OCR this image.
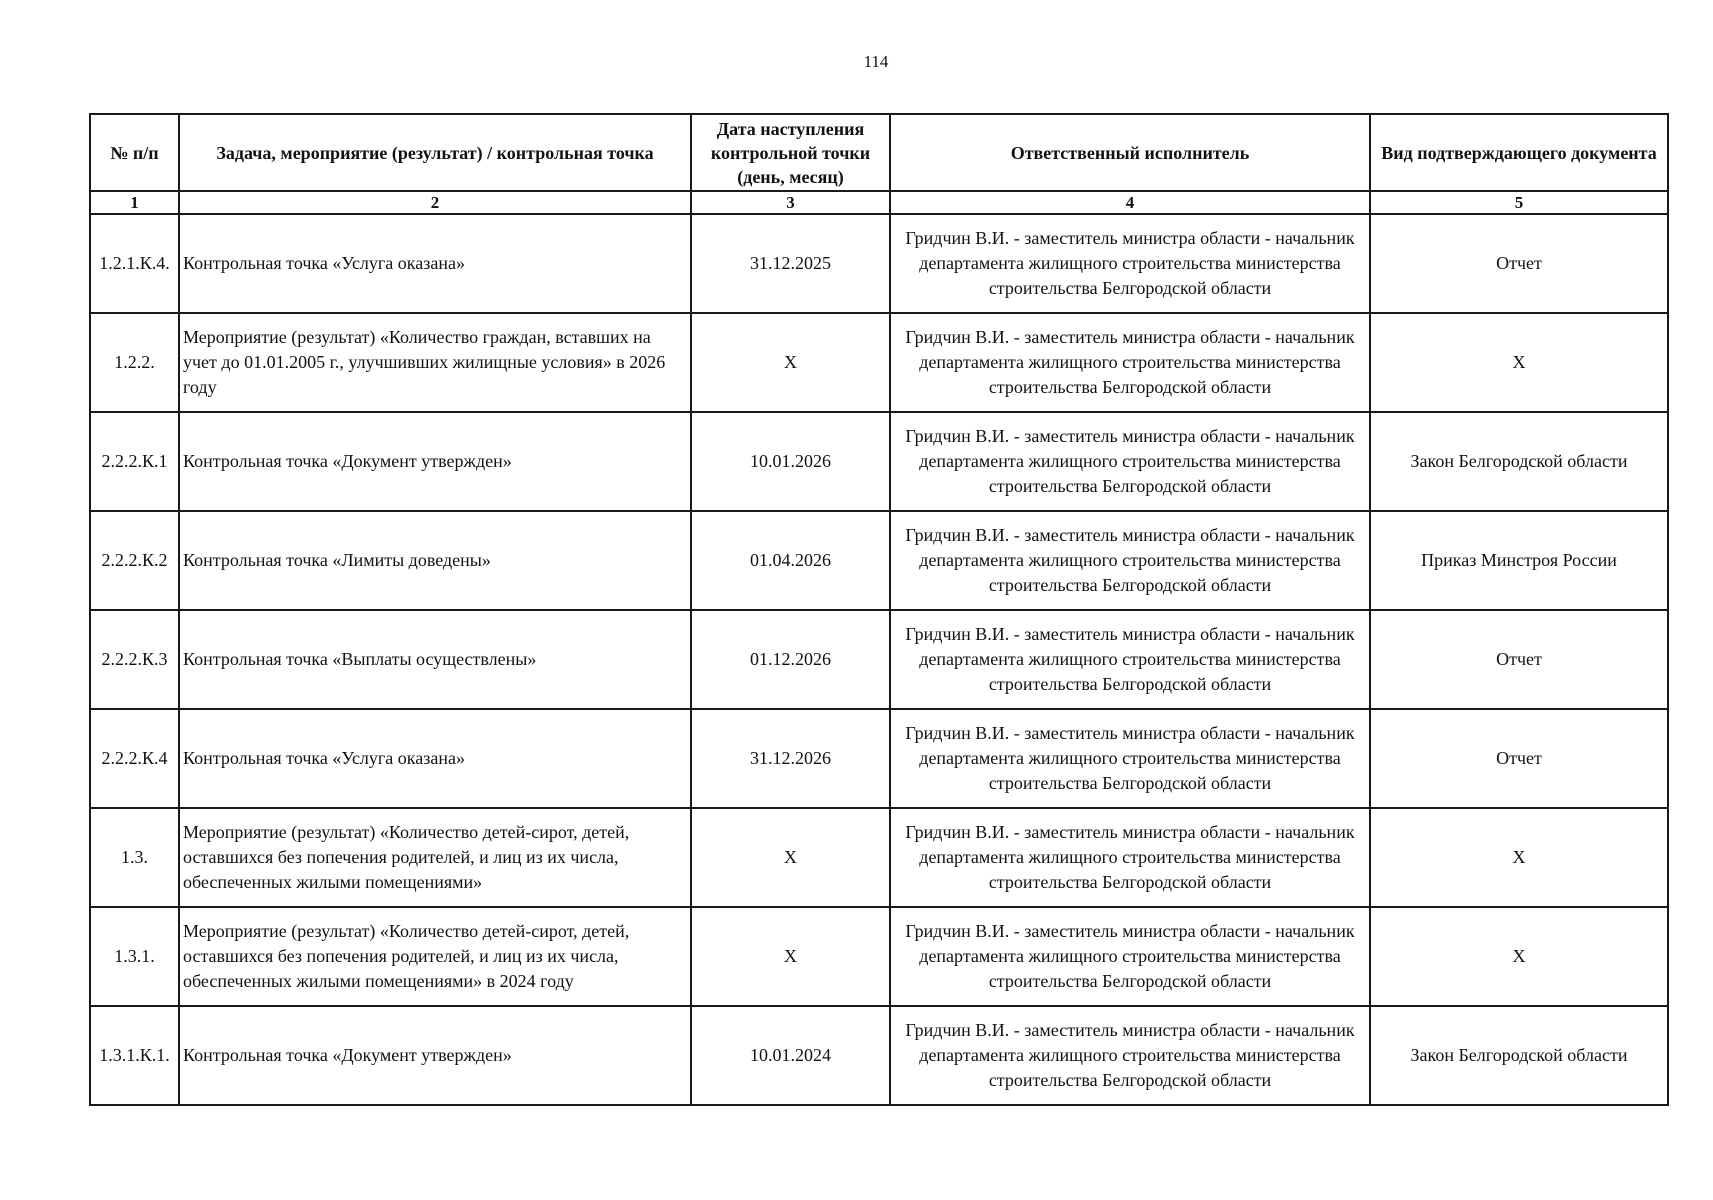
114
№ п/п	Задача, мероприятие (результат) / контрольная точка	Дата наступления контрольной точки (день, месяц)	Ответственный исполнитель	Вид подтверждающего документа
1	2	3	4	5
1.2.1.К.4.	Контрольная точка «Услуга оказана»	31.12.2025	Гридчин В.И. - заместитель министра области - начальник департамента жилищного строительства министерства строительства Белгородской области	Отчет
1.2.2.	Мероприятие (результат) «Количество граждан, вставших на учет до 01.01.2005 г., улучшивших жилищные условия» в 2026 году	X	Гридчин В.И. - заместитель министра области - начальник департамента жилищного строительства министерства строительства Белгородской области	X
2.2.2.К.1	Контрольная точка «Документ утвержден»	10.01.2026	Гридчин В.И. - заместитель министра области - начальник департамента жилищного строительства министерства строительства Белгородской области	Закон Белгородской области
2.2.2.К.2	Контрольная точка «Лимиты доведены»	01.04.2026	Гридчин В.И. - заместитель министра области - начальник департамента жилищного строительства министерства строительства Белгородской области	Приказ Минстроя России
2.2.2.К.3	Контрольная точка «Выплаты осуществлены»	01.12.2026	Гридчин В.И. - заместитель министра области - начальник департамента жилищного строительства министерства строительства Белгородской области	Отчет
2.2.2.К.4	Контрольная точка «Услуга оказана»	31.12.2026	Гридчин В.И. - заместитель министра области - начальник департамента жилищного строительства министерства строительства Белгородской области	Отчет
1.3.	Мероприятие (результат) «Количество детей-сирот, детей, оставшихся без попечения родителей, и лиц из их числа, обеспеченных жилыми помещениями»	X	Гридчин В.И. - заместитель министра области - начальник департамента жилищного строительства министерства строительства Белгородской области	X
1.3.1.	Мероприятие (результат) «Количество детей-сирот, детей, оставшихся без попечения родителей, и лиц из их числа, обеспеченных жилыми помещениями» в 2024 году	X	Гридчин В.И. - заместитель министра области - начальник департамента жилищного строительства министерства строительства Белгородской области	X
1.3.1.К.1.	Контрольная точка «Документ утвержден»	10.01.2024	Гридчин В.И. - заместитель министра области - начальник департамента жилищного строительства министерства строительства Белгородской области	Закон Белгородской области
